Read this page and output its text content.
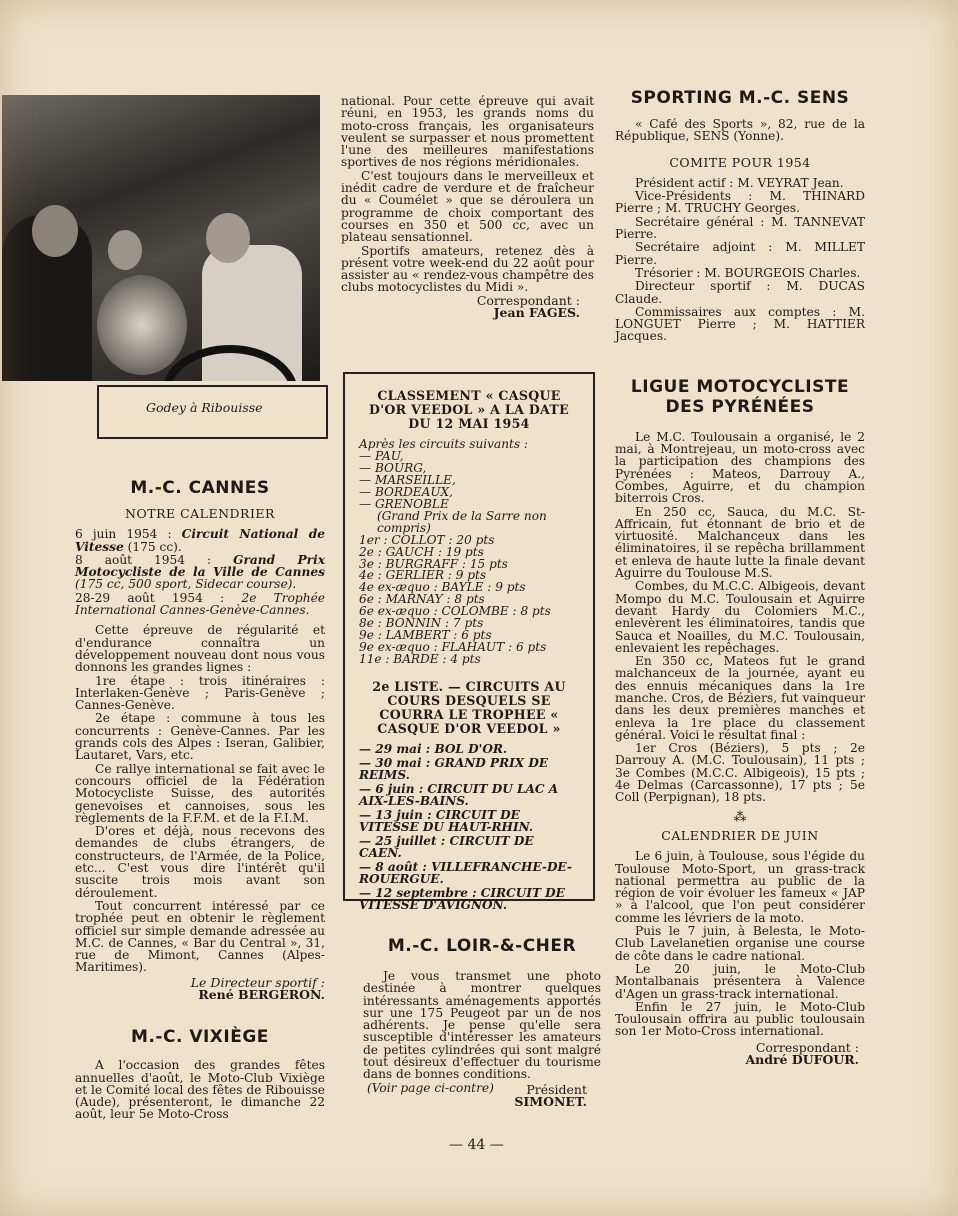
Godey à Ribouisse
M.-C. CANNES
NOTRE CALENDRIER

6 juin 1954 : Circuit National de Vitesse (175 cc).

8 août 1954 : Grand Prix Motocycliste de la Ville de Cannes (175 cc, 500 sport, Sidecar course).

28-29 août 1954 : 2e Trophée International Cannes-Genève-Cannes.

Cette épreuve de régularité et d'endurance connaîtra un développement nouveau dont nous vous donnons les grandes lignes :

1re étape : trois itinéraires : Interlaken-Genève ; Paris-Genève ; Cannes-Genève.

2e étape : commune à tous les concurrents : Genève-Cannes. Par les grands cols des Alpes : Iseran, Galibier, Lautaret, Vars, etc.

Ce rallye international se fait avec le concours officiel de la Fédération Motocycliste Suisse, des autorités genevoises et cannoises, sous les règlements de la F.F.M. et de la F.I.M.

D'ores et déjà, nous recevons des demandes de clubs étrangers, de constructeurs, de l'Armée, de la Police, etc... C'est vous dire l'intérêt qu'il suscite trois mois avant son déroulement.

Tout concurrent intéressé par ce trophée peut en obtenir le règlement officiel sur simple demande adressée au M.C. de Cannes, « Bar du Central », 31, rue de Mimont, Cannes (Alpes-Maritimes).

Le Directeur sportif :
René BERGERON.
M.-C. VIXIÈGE

A l'occasion des grandes fêtes annuelles d'août, le Moto-Club Vixiège et le Comité local des fêtes de Ribouisse (Aude), présenteront, le dimanche 22 août, leur 5e Moto-Cross

national. Pour cette épreuve qui avait réuni, en 1953, les grands noms du moto-cross français, les organisateurs veulent se surpasser et nous promettent l'une des meilleures manifestations sportives de nos régions méridionales.

C'est toujours dans le merveilleux et inédit cadre de verdure et de fraîcheur du « Coumélet » que se déroulera un programme de choix comportant des courses en 350 et 500 cc, avec un plateau sensationnel.

Sportifs amateurs, retenez dès à présent votre week-end du 22 août pour assister au « rendez-vous champêtre des clubs motocyclistes du Midi ».

Correspondant :
Jean FAGES.
CLASSEMENT « CASQUE D'OR VEEDOL » A LA DATE DU 12 MAI 1954
Après les circuits suivants :
— PAU,
— BOURG,
— MARSEILLE,
— BORDEAUX,
— GRENOBLE
(Grand Prix de la Sarre non compris)
1er : COLLOT : 20 pts
2e : GAUCH : 19 pts
3e : BURGRAFF : 15 pts
4e : GERLIER : 9 pts
4e ex-æquo : BAYLE : 9 pts
6e : MARNAY : 8 pts
6e ex-æquo : COLOMBE : 8 pts
8e : BONNIN : 7 pts
9e : LAMBERT : 6 pts
9e ex-æquo : FLAHAUT : 6 pts
11e : BARDE : 4 pts
2e LISTE. — CIRCUITS AU COURS DESQUELS SE COURRA LE TROPHEE « CASQUE D'OR VEEDOL »
— 29 mai : BOL D'OR.
— 30 mai : GRAND PRIX DE REIMS.
— 6 juin : CIRCUIT DU LAC A AIX-LES-BAINS.
— 13 juin : CIRCUIT DE VITESSE DU HAUT-RHIN.
— 25 juillet : CIRCUIT DE CAEN.
— 8 août : VILLEFRANCHE-DE-ROUERGUE.
— 12 septembre : CIRCUIT DE VITESSE D'AVIGNON.
M.-C. LOIR-&-CHER

Je vous transmet une photo destinée à montrer quelques intéressants aménagements apportés sur une 175 Peugeot par un de nos adhérents. Je pense qu'elle sera susceptible d'intéresser les amateurs de petites cylindrées qui sont malgré tout désireux d'effectuer du tourisme dans de bonnes conditions.

(Voir page ci-contre)	Président
SIMONET.
SPORTING M.-C. SENS

« Café des Sports », 82, rue de la République, SENS (Yonne).

COMITE POUR 1954

Président actif : M. VEYRAT Jean.

Vice-Présidents : M. THINARD Pierre ; M. TRUCHY Georges.

Secrétaire général : M. TANNEVAT Pierre.

Secrétaire adjoint : M. MILLET Pierre.

Trésorier : M. BOURGEOIS Charles.

Directeur sportif : M. DUCAS Claude.

Commissaires aux comptes : M. LONGUET Pierre ; M. HATTIER Jacques.

LIGUE MOTOCYCLISTE DES PYRÉNÉES

Le M.C. Toulousain a organisé, le 2 mai, à Montrejeau, un moto-cross avec la participation des champions des Pyrénées : Mateos, Darrouy A., Combes, Aguirre, et du champion biterrois Cros.

En 250 cc, Sauca, du M.C. St-Affricain, fut étonnant de brio et de virtuosité. Malchanceux dans les éliminatoires, il se repêcha brillamment et enleva de haute lutte la finale devant Aguirre du Toulouse M.S.

Combes, du M.C.C. Albigeois, devant Mompo du M.C. Toulousain et Aguirre devant Hardy du Colomiers M.C., enlevèrent les éliminatoires, tandis que Sauca et Noailles, du M.C. Toulousain, enlevaient les repêchages.

En 350 cc, Mateos fut le grand malchanceux de la journée, ayant eu des ennuis mécaniques dans la 1re manche. Cros, de Béziers, fut vainqueur dans les deux premières manches et enleva la 1re place du classement général. Voici le résultat final :

1er Cros (Béziers), 5 pts ; 2e Darrouy A. (M.C. Toulousain), 11 pts ; 3e Combes (M.C.C. Albigeois), 15 pts ; 4e Delmas (Carcassonne), 17 pts ; 5e Coll (Perpignan), 18 pts.

⁂
CALENDRIER DE JUIN

Le 6 juin, à Toulouse, sous l'égide du Toulouse Moto-Sport, un grass-track national permettra au public de la région de voir évoluer les fameux « JAP » à l'alcool, que l'on peut considérer comme les lévriers de la moto.

Puis le 7 juin, à Belesta, le Moto-Club Lavelanetien organise une course de côte dans le cadre national.

Le 20 juin, le Moto-Club Montalbanais présentera à Valence d'Agen un grass-track international.

Enfin le 27 juin, le Moto-Club Toulousain offrira au public toulousain son 1er Moto-Cross international.

Correspondant :
André DUFOUR.
— 44 —
